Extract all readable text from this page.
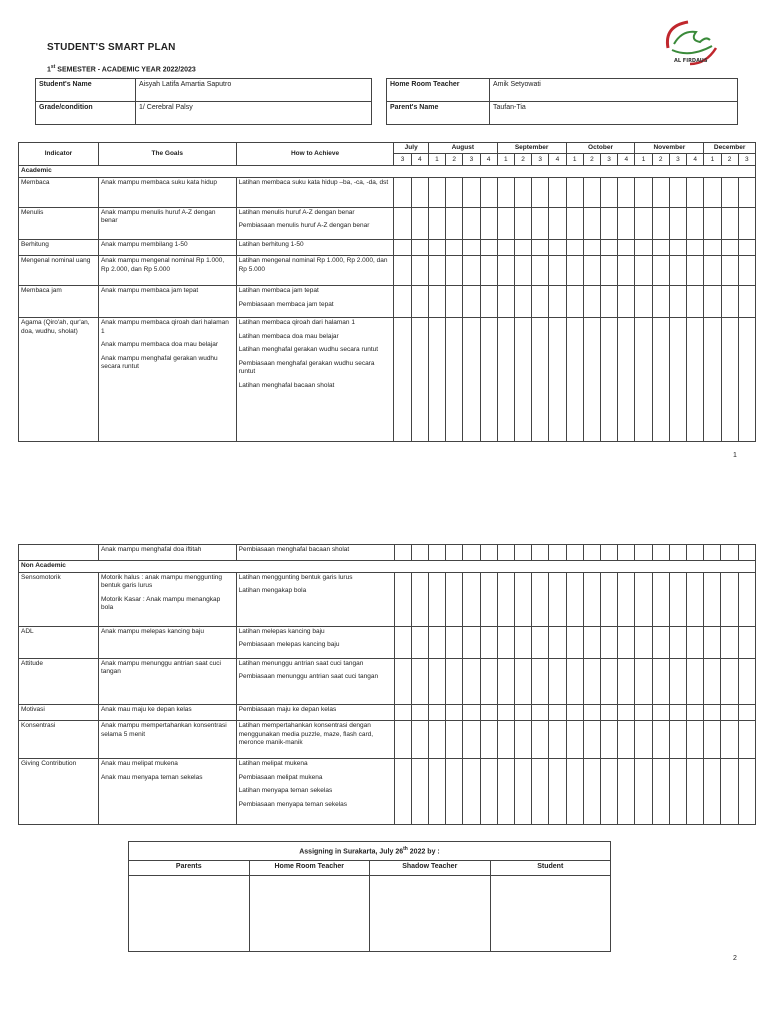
STUDENT'S SMART PLAN
1st SEMESTER - ACADEMIC YEAR 2022/2023
AL FIRDAUS
Student's Name	Aisyah Latifa Amartia Saputro
Grade/condition	1/ Cerebral Palsy
Home Room Teacher	Amik Setyowati
Parent's Name	Taufan-Tia
Indicator	The Goals	How to Achieve	July		August				September				October				November				December		
			3	4	1	2	3	4	1	2	3	4	1	2	3	4	1	2	3	4	1	2	3
Academic																							
Membaca	Anak mampu membaca suku kata hidup	Latihan membaca suku kata hidup –ba, -ca, -da, dst																					

Menulis	Anak mampu menulis huruf A-Z dengan benar	Latihan menulis huruf A-Z dengan benar
Pembiasaan menulis huruf A-Z dengan benar																					

Berhitung	Anak mampu membilang 1-50	Latihan berhitung 1-50																					

Mengenal nominal uang	Anak mampu mengenal nominal Rp 1.000, Rp 2.000, dan Rp 5.000	Latihan mengenal nominal Rp 1.000, Rp 2.000, dan Rp 5.000																					

Membaca jam	Anak mampu membaca jam tepat	Latihan membaca jam tepat
Pembiasaan membaca jam tepat																					

Agama (Qiro'ah, qur'an, doa, wudhu, sholat)	Anak mampu membaca qiroah dari halaman 1
Anak mampu membaca doa mau belajar
Anak mampu menghafal gerakan wudhu secara runtut	Latihan membaca qiroah dari halaman 1
Latihan membaca doa mau belajar
Latihan menghafal gerakan wudhu secara runtut
Pembiasaan menghafal gerakan wudhu secara runtut
Latihan menghafal bacaan sholat																					

1

	Anak mampu menghafal doa iftitah	Pembiasaan menghafal bacaan sholat																					

Non Academic																							
Sensomotorik	Motorik halus : anak mampu menggunting bentuk garis lurus
Motorik Kasar : Anak mampu menangkap bola	Latihan menggunting bentuk garis lurus
Latihan mengakap bola																					

ADL	Anak mampu melepas kancing baju	Latihan melepas kancing baju
Pembiasaan melepas kancing baju																					

Attitude	Anak mampu menunggu antrian saat cuci tangan	Latihan menunggu antrian saat cuci tangan
Pembiasaan menunggu antrian saat cuci tangan																					

Motivasi	Anak mau maju ke depan kelas	Pembiasaan maju ke depan kelas																					

Konsentrasi	Anak mampu mempertahankan konsentrasi selama 5 menit	Latihan mempertahankan konsentrasi dengan menggunakan media puzzle, maze, flash card, meronce manik-manik																					

Giving Contribution	Anak mau melipat mukena
Anak mau menyapa teman sekelas	Latihan melipat mukena
Pembiasaan melipat mukena
Latihan menyapa teman sekelas
Pembiasaan menyapa teman sekelas																					

Assigning in Surakarta, July 26th 2022 by :			
Parents	Home Room Teacher	Shadow Teacher	Student

2
